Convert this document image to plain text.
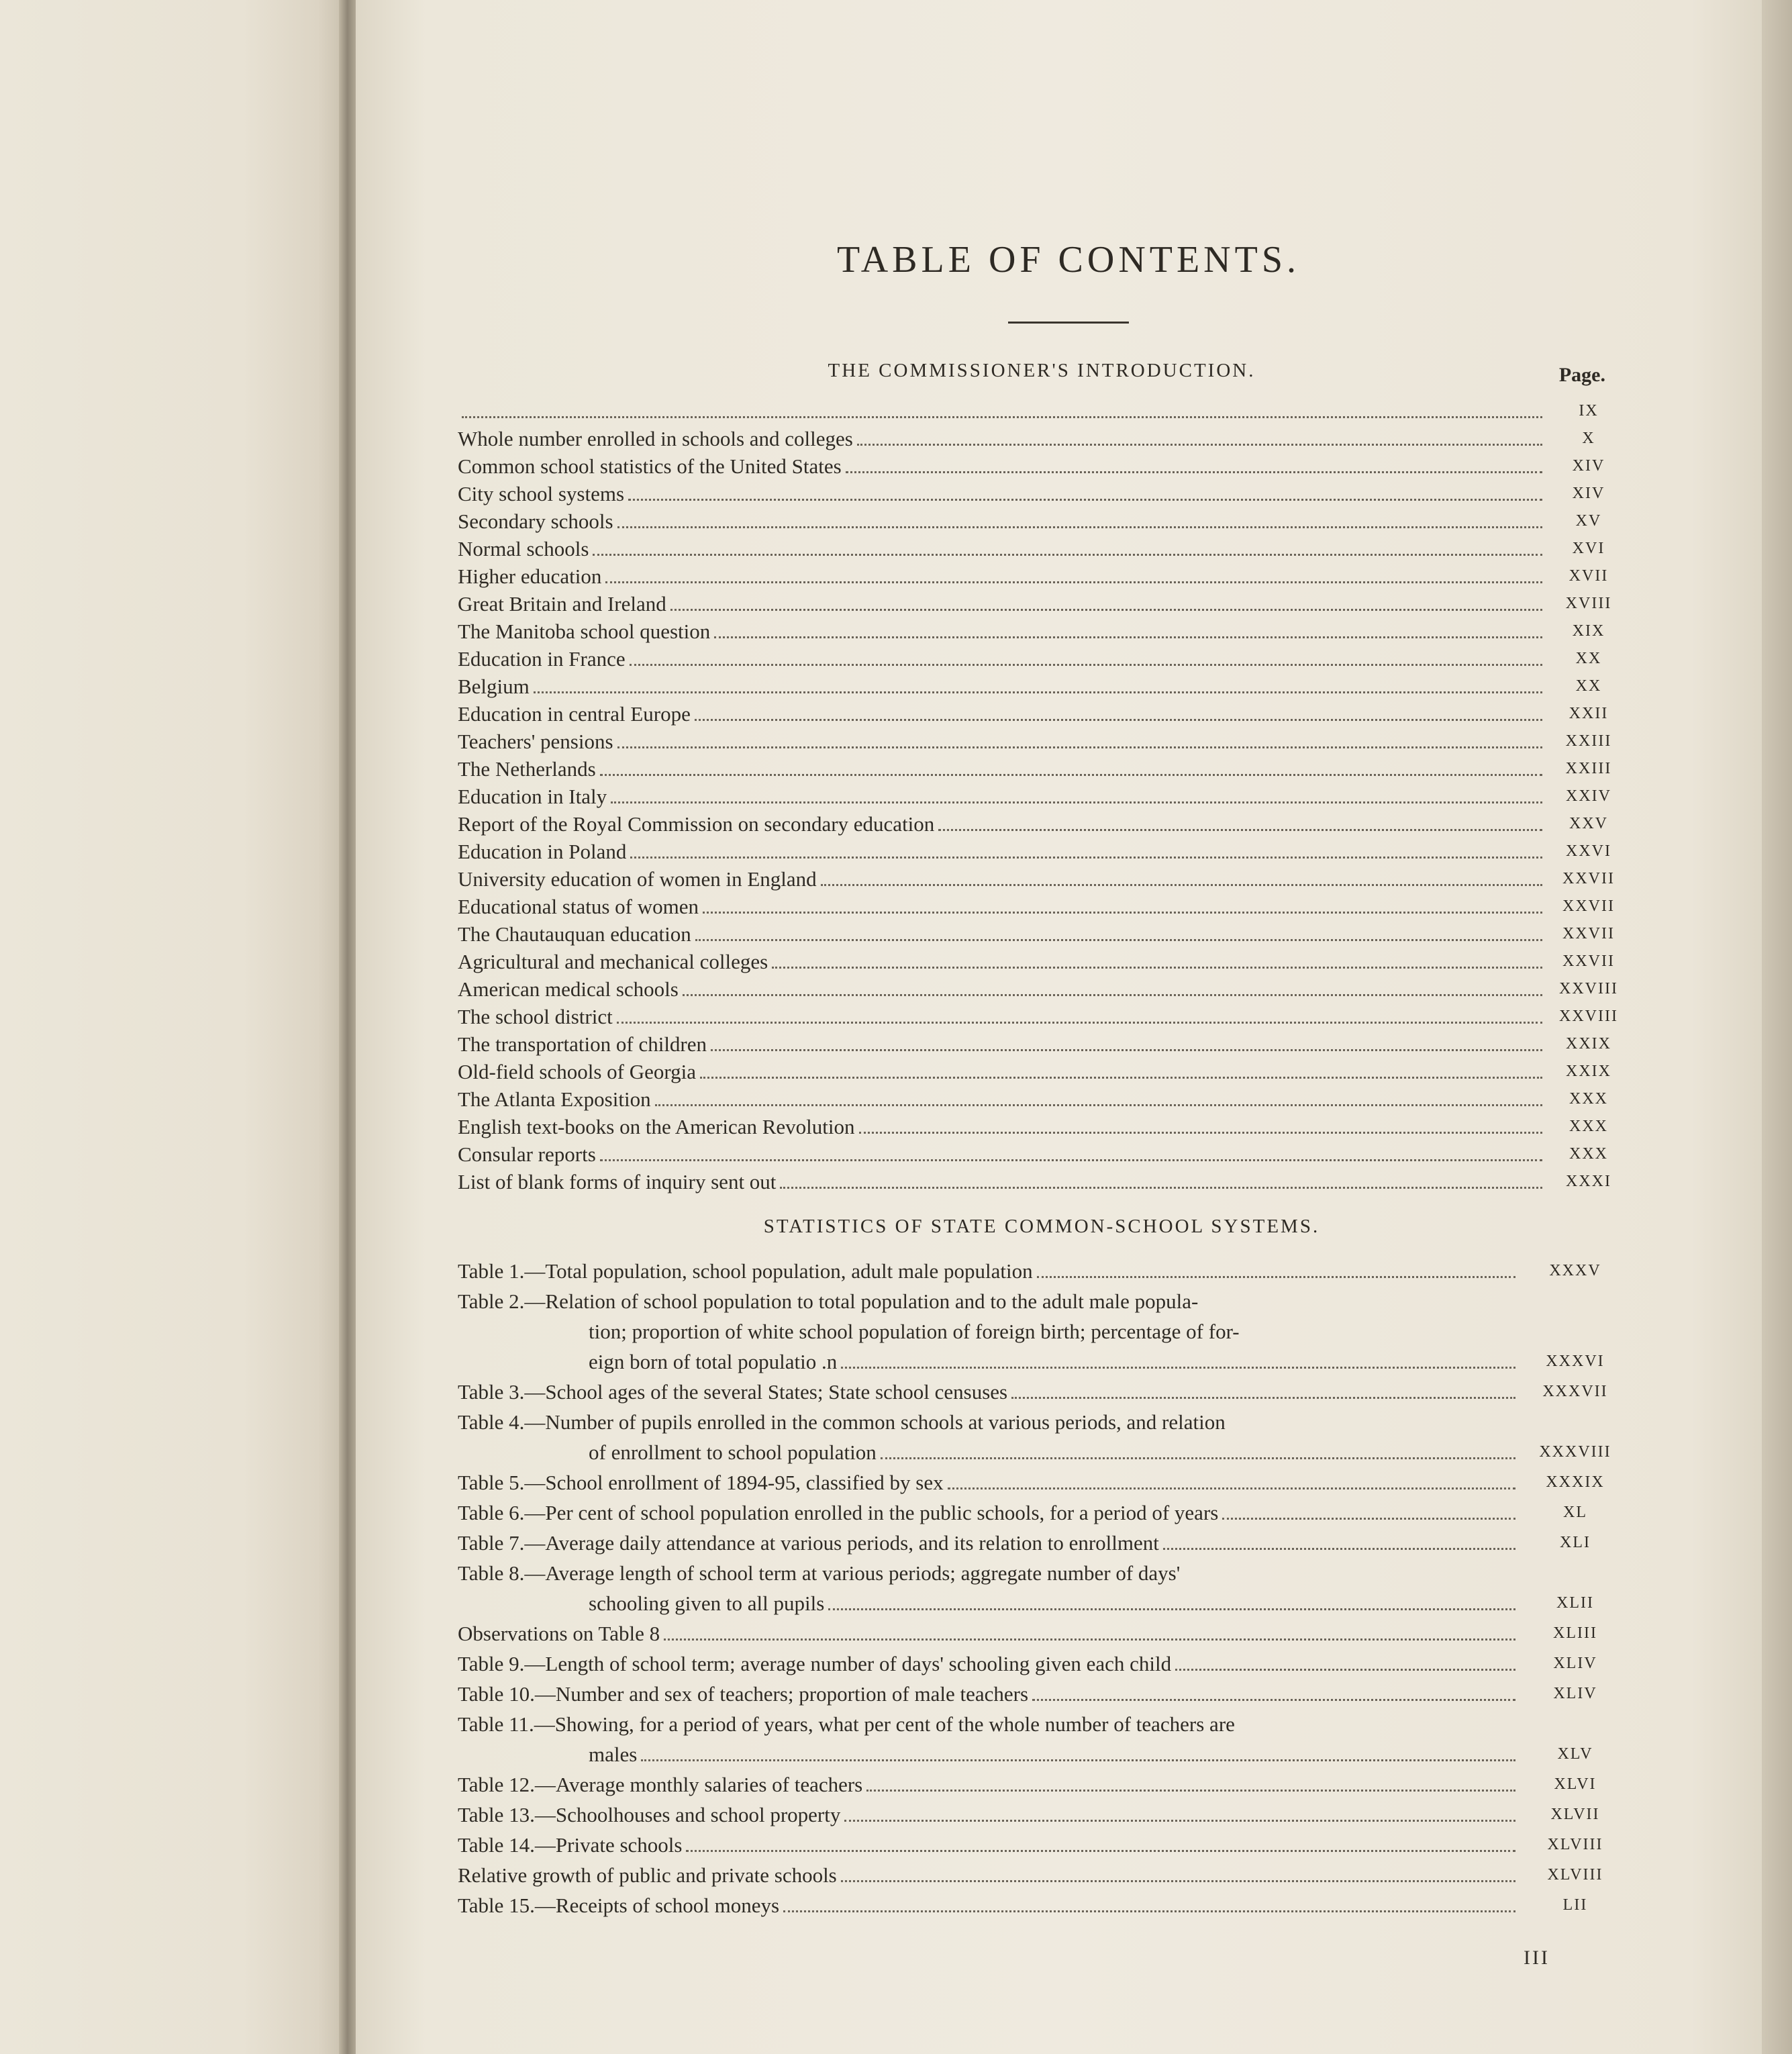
TABLE OF CONTENTS.
THE COMMISSIONER'S INTRODUCTION.	Page.
IX
Whole number enrolled in schools and colleges	X
Common school statistics of the United States	XIV
City school systems	XIV
Secondary schools	XV
Normal schools	XVI
Higher education	XVII
Great Britain and Ireland	XVIII
The Manitoba school question	XIX
Education in France	XX
Belgium	XX
Education in central Europe	XXII
Teachers' pensions	XXIII
The Netherlands	XXIII
Education in Italy	XXIV
Report of the Royal Commission on secondary education	XXV
Education in Poland	XXVI
University education of women in England	XXVII
Educational status of women	XXVII
The Chautauquan education	XXVII
Agricultural and mechanical colleges	XXVII
American medical schools	XXVIII
The school district	XXVIII
The transportation of children	XXIX
Old-field schools of Georgia	XXIX
The Atlanta Exposition	XXX
English text-books on the American Revolution	XXX
Consular reports	XXX
List of blank forms of inquiry sent out	XXXI
STATISTICS OF STATE COMMON-SCHOOL SYSTEMS.
Table 1.—Total population, school population, adult male population	XXXV
Table 2.—Relation of school population to total population and to the adult male popula-
tion; proportion of white school population of foreign birth; percentage of for-
eign born of total populatio .n	XXXVI
Table 3.—School ages of the several States; State school censuses	XXXVII
Table 4.—Number of pupils enrolled in the common schools at various periods, and relation
of enrollment to school population	XXXVIII
Table 5.—School enrollment of 1894-95, classified by sex	XXXIX
Table 6.—Per cent of school population enrolled in the public schools, for a period of years	XL
Table 7.—Average daily attendance at various periods, and its relation to enrollment	XLI
Table 8.—Average length of school term at various periods; aggregate number of days'
schooling given to all pupils	XLII
Observations on Table 8	XLIII
Table 9.—Length of school term; average number of days' schooling given each child	XLIV
Table 10.—Number and sex of teachers; proportion of male teachers	XLIV
Table 11.—Showing, for a period of years, what per cent of the whole number of teachers are
males	XLV
Table 12.—Average monthly salaries of teachers	XLVI
Table 13.—Schoolhouses and school property	XLVII
Table 14.—Private schools	XLVIII
Relative growth of public and private schools	XLVIII
Table 15.—Receipts of school moneys	LII
III
